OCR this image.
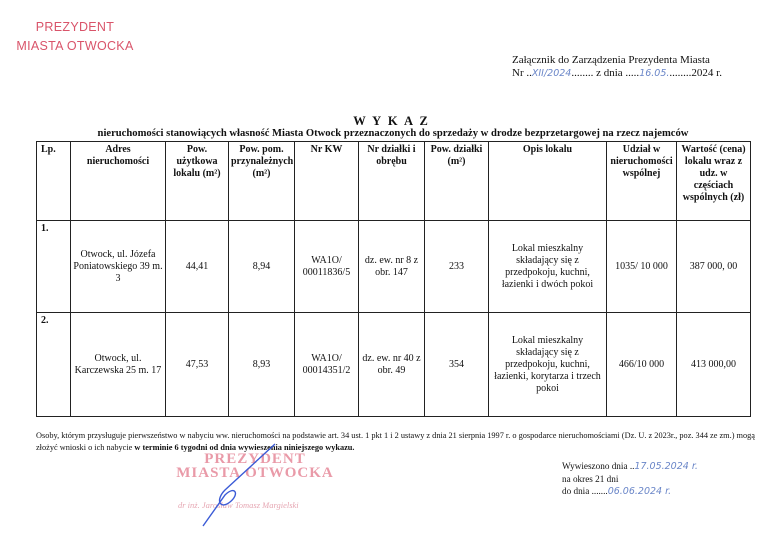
PREZYDENT
MIASTA OTWOCKA
Załącznik do Zarządzenia Prezydenta Miasta
Nr ..XII/2024........ z dnia .....16.05.........2024 r.
W Y K A Z
nieruchomości stanowiących własność Miasta Otwock przeznaczonych do sprzedaży w drodze bezprzetargowej na rzecz najemców
Lp.	Adres nieruchomości	Pow. użytkowa lokalu (m²)	Pow. pom. przynależnych (m²)	Nr KW	Nr działki i obrębu	Pow. działki (m²)	Opis lokalu	Udział w nieruchomości wspólnej	Wartość (cena) lokalu wraz z udz. w częściach wspólnych (zł)
1.	Otwock, ul. Józefa Poniatowskiego 39 m. 3	44,41	8,94	WA1O/ 00011836/5	dz. ew. nr 8 z obr. 147	233	Lokal mieszkalny składający się z przedpokoju, kuchni, łazienki i dwóch pokoi	1035/ 10 000	387 000, 00
2.	Otwock, ul. Karczewska 25 m. 17	47,53	8,93	WA1O/ 00014351/2	dz. ew. nr 40 z obr. 49	354	Lokal mieszkalny składający się z przedpokoju, kuchni, łazienki, korytarza i trzech pokoi	466/10 000	413 000,00
Osoby, którym przysługuje pierwszeństwo w nabyciu ww. nieruchomości na podstawie art. 34 ust. 1 pkt 1 i 2 ustawy z dnia 21 sierpnia 1997 r. o gospodarce nieruchomościami (Dz. U. z 2023r., poz. 344 ze zm.) mogą złożyć wnioski o ich nabycie w terminie 6 tygodni od dnia wywieszenia niniejszego wykazu.
PREZYDENT
MIASTA OTWOCKA
dr inż. Jarosław Tomasz Margielski
Wywieszono dnia ..17.05.2024 r.
na okres 21 dni
do dnia .......06.06.2024 r.
